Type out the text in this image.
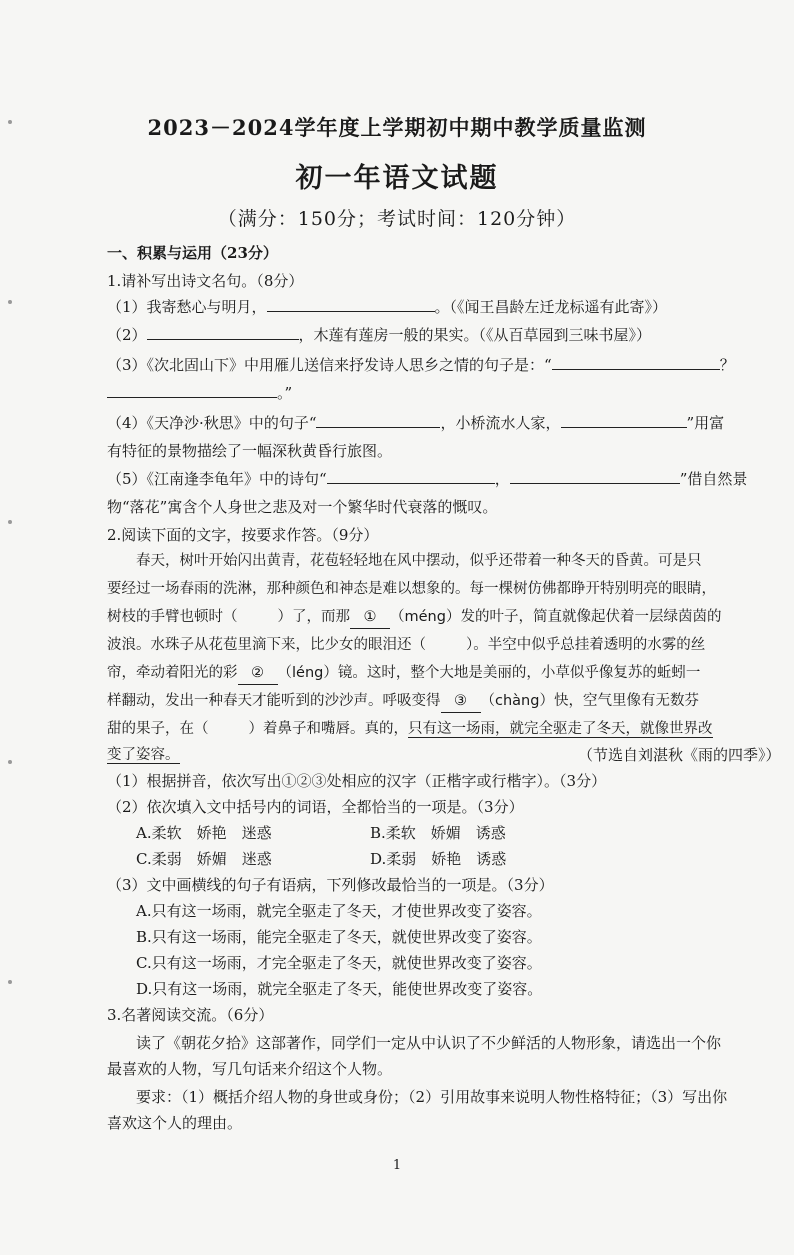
2023－2024学年度上学期初中期中教学质量监测
初一年语文试题
（满分：150分；考试时间：120分钟）
一、积累与运用（23分）
1.请补写出诗文名句。（8分）
（1）我寄愁心与明月，	。（《闻王昌龄左迁龙标遥有此寄》）
（2）	，木莲有莲房一般的果实。（《从百草园到三味书屋》）
（3）《次北固山下》中用雁儿送信来抒发诗人思乡之情的句子是：“	？
。”
（4）《天净沙·秋思》中的句子“	，小桥流水人家，	”用富
有特征的景物描绘了一幅深秋黄昏行旅图。
（5）《江南逢李龟年》中的诗句“	，	”借自然景
物“落花”寓含个人身世之悲及对一个繁华时代衰落的慨叹。
2.阅读下面的文字，按要求作答。（9分）
春天，树叶开始闪出黄青，花苞轻轻地在风中摆动，似乎还带着一种冬天的昏黄。可是只
要经过一场春雨的洗淋，那种颜色和神态是难以想象的。每一棵树仿佛都睁开特别明亮的眼睛，
树枝的手臂也顿时（	）了，而那 ① （méng）发的叶子，简直就像起伏着一层绿茵茵的
波浪。水珠子从花苞里滴下来，比少女的眼泪还（	）。半空中似乎总挂着透明的水雾的丝
帘，牵动着阳光的彩 ② （léng）镜。这时，整个大地是美丽的，小草似乎像复苏的蚯蚓一
样翻动，发出一种春天才能听到的沙沙声。呼吸变得 ③ （chàng）快，空气里像有无数芬
甜的果子，在（	）着鼻子和嘴唇。真的，只有这一场雨，就完全驱走了冬天，就像世界改
变了姿容。	（节选自刘湛秋《雨的四季》）
（1）根据拼音，依次写出①②③处相应的汉字（正楷字或行楷字）。（3分）
（2）依次填入文中括号内的词语，全都恰当的一项是。（3分）
A.柔软　娇艳　迷惑	B.柔软　娇媚　诱惑
C.柔弱　娇媚　迷惑	D.柔弱　娇艳　诱惑
（3）文中画横线的句子有语病，下列修改最恰当的一项是。（3分）
A.只有这一场雨，就完全驱走了冬天，才使世界改变了姿容。
B.只有这一场雨，能完全驱走了冬天，就使世界改变了姿容。
C.只有这一场雨，才完全驱走了冬天，就使世界改变了姿容。
D.只有这一场雨，就完全驱走了冬天，能使世界改变了姿容。
3.名著阅读交流。（6分）
读了《朝花夕拾》这部著作，同学们一定从中认识了不少鲜活的人物形象，请选出一个你
最喜欢的人物，写几句话来介绍这个人物。
要求：（1）概括介绍人物的身世或身份；（2）引用故事来说明人物性格特征；（3）写出你
喜欢这个人的理由。
1
